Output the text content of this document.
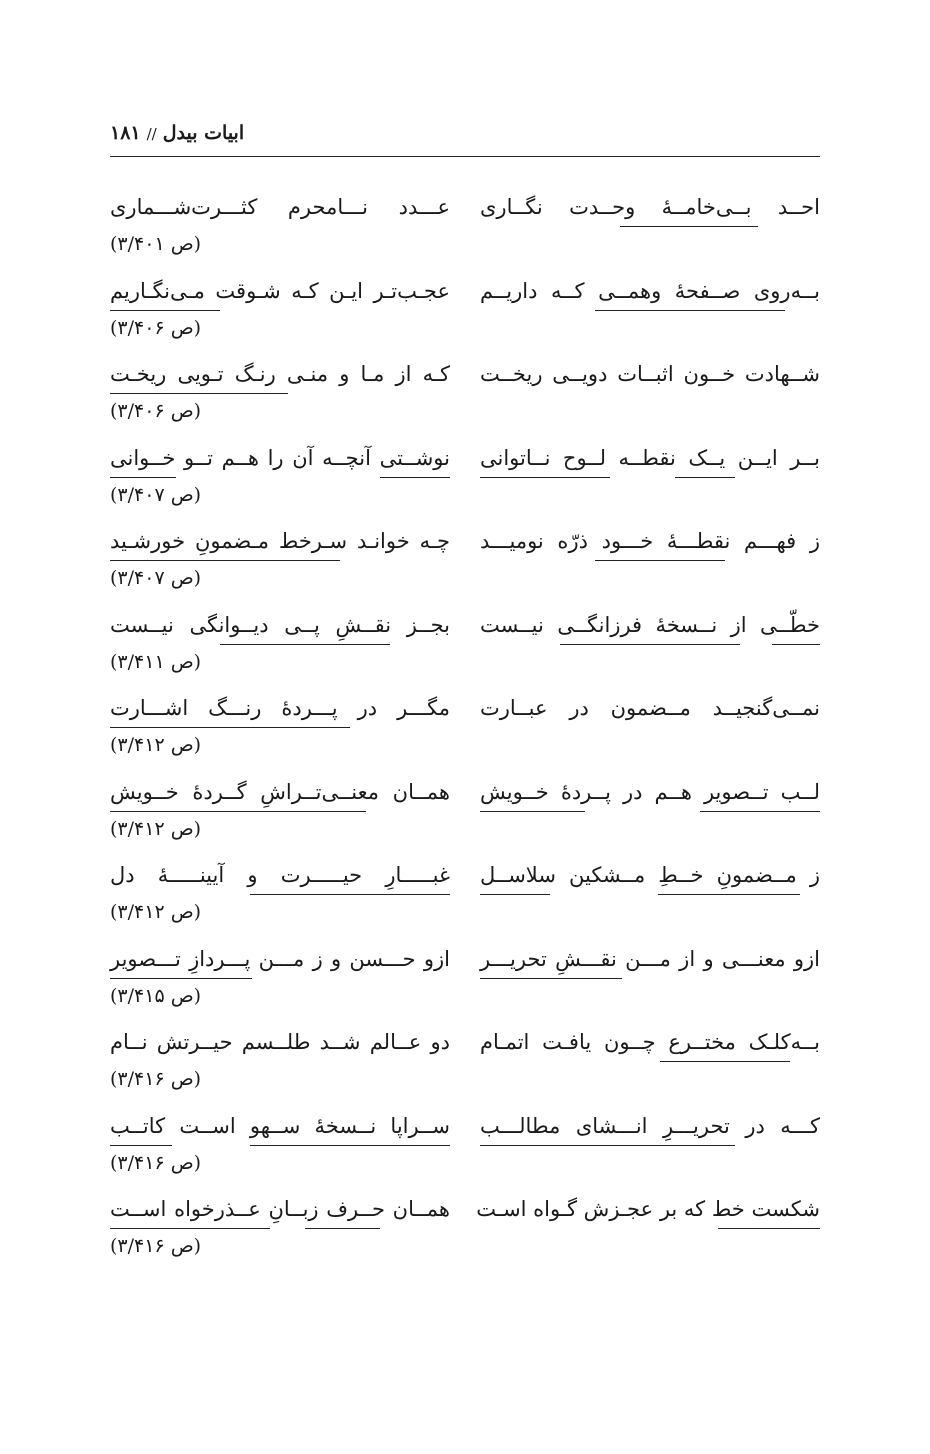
ابیات بیدل//۱۸۱
احــد بــی‌خامــۀ وحــدت نگــاری
عـــدد نـــامحرم کثـــرت‌شـــماری
(ص ۳/۴۰۱)
بــه‌روی صــفحۀ وهمــی کــه داریــم
عجـب‌تـر ایـن کـه شـوقت مـی‌نگـاریم
(ص ۳/۴۰۶)
شــهادت خــون اثبــات دویــی ریخــت
کـه از مـا و منـی رنـگ تـویی ریخـت
(ص ۳/۴۰۶)
بــر ایــن یــک نقطــه لــوح نــاتوانی
نوشــتی آنچــه آن را هــم تــو خــوانی
(ص ۳/۴۰۷)
ز فهـــم نقطـــۀ خـــود ذرّه نومیـــد
چـه خوانـد سـرخط مـضمونِ خورشـید
(ص ۳/۴۰۷)
خطّــی از نــسخۀ فرزانگــی نیــست
بجــز نقــشِ پــی دیــوانگی نیــست
(ص ۳/۴۱۱)
نمــی‌گنجیــد مــضمون در عبــارت
مگـــر در پـــردۀ رنـــگ اشـــارت
(ص ۳/۴۱۲)
لــب تــصویر هــم در پــردۀ خــویش
همــان معنــی‌تــراشِ گــردۀ خــویش
(ص ۳/۴۱۲)
ز مــضمونِ خــطِ مــشکین سلاســل
غبـــــارِ حیـــــرت و آیینـــــۀ دل
(ص ۳/۴۱۲)
ازو معنـــی و از مـــن نقـــشِ تحریـــر
ازو حـــسن و ز مـــن پـــردازِ تـــصویر
(ص ۳/۴۱۵)
بــه‌کلـک مختــرع چــون یافـت اتمـام
دو عــالم شــد طلــسم حیــرتش نــام
(ص ۳/۴۱۶)
کـــه در تحریـــرِ انـــشای مطالـــب
ســراپا نــسخۀ ســهو اســت کاتــب
(ص ۳/۴۱۶)
شکست خط که بر عجـزش گـواه اسـت
همــان حــرف زبــانِ عــذرخواه اســت
(ص ۳/۴۱۶)
